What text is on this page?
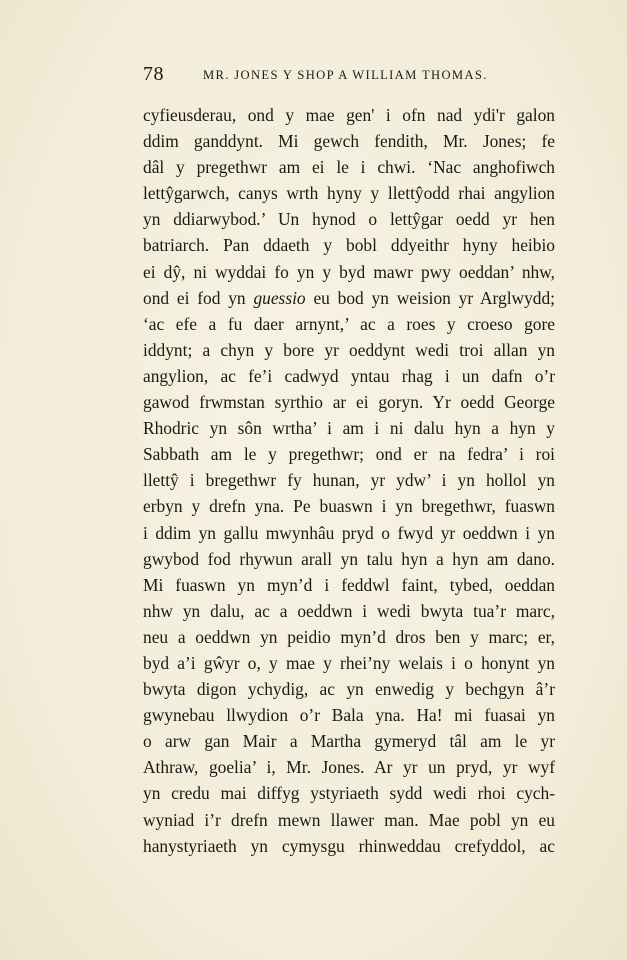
78	MR. JONES Y SHOP A WILLIAM THOMAS.
cyfieusderau, ond y mae gen' i ofn nad ydi'r galon
ddim ganddynt. Mi gewch fendith, Mr. Jones; fe
dâl y pregethwr am ei le i chwi. ‘Nac anghofiwch
lettŷgarwch, canys wrth hyny y llettŷodd rhai angylion
yn ddiarwybod.’ Un hynod o lettŷgar oedd yr hen
batriarch. Pan ddaeth y bobl ddyeithr hyny heibio
ei dŷ, ni wyddai fo yn y byd mawr pwy oeddan’ nhw,
ond ei fod yn guessio eu bod yn weision yr Arglwydd;
‘ac efe a fu daer arnynt,’ ac a roes y croeso gore
iddynt; a chyn y bore yr oeddynt wedi troi allan yn
angylion, ac fe’i cadwyd yntau rhag i un dafn o’r
gawod frwmstan syrthio ar ei goryn. Yr oedd George
Rhodric yn sôn wrtha’ i am i ni dalu hyn a hyn y
Sabbath am le y pregethwr; ond er na fedra’ i roi
llettŷ i bregethwr fy hunan, yr ydw’ i yn hollol yn
erbyn y drefn yna. Pe buaswn i yn bregethwr, fuaswn
i ddim yn gallu mwynhâu pryd o fwyd yr oeddwn i yn
gwybod fod rhywun arall yn talu hyn a hyn am dano.
Mi fuaswn yn myn’d i feddwl faint, tybed, oeddan
nhw yn dalu, ac a oeddwn i wedi bwyta tua’r marc,
neu a oeddwn yn peidio myn’d dros ben y marc; er,
byd a’i gŵyr o, y mae y rhei’ny welais i o honynt yn
bwyta digon ychydig, ac yn enwedig y bechgyn â’r
gwynebau llwydion o’r Bala yna. Ha! mi fuasai yn
o arw gan Mair a Martha gymeryd tâl am le yr
Athraw, goelia’ i, Mr. Jones. Ar yr un pryd, yr wyf
yn credu mai diffyg ystyriaeth sydd wedi rhoi cych-
wyniad i’r drefn mewn llawer man. Mae pobl yn eu
hanystyriaeth yn cymysgu rhinweddau crefyddol, ac
